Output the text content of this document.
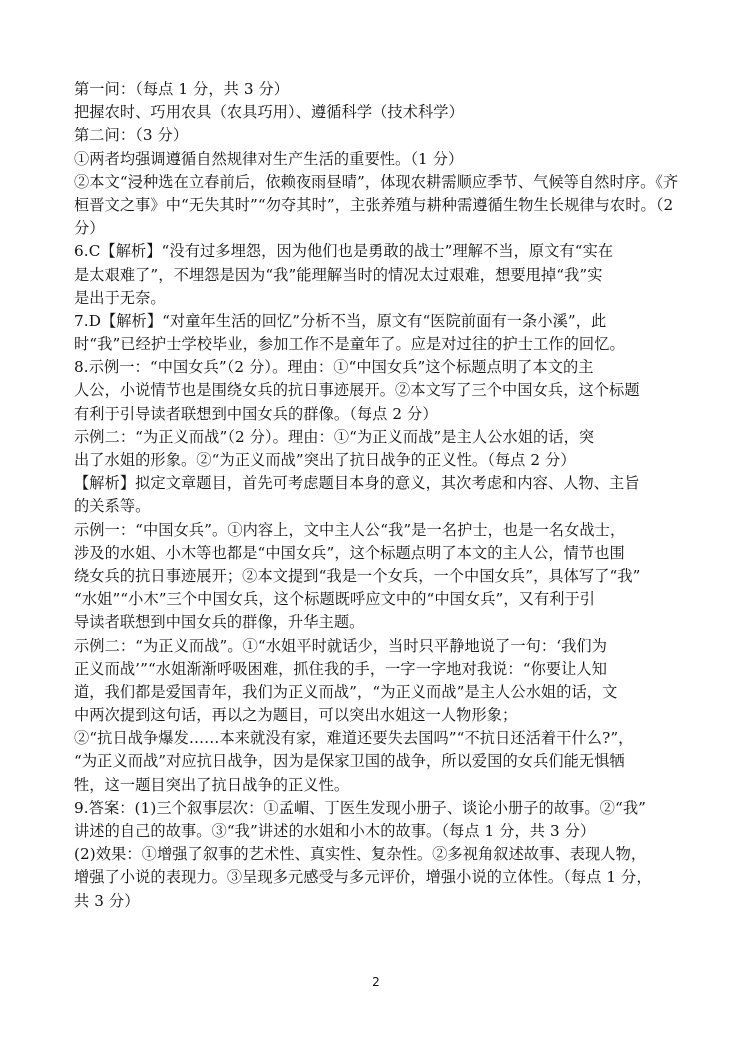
第一问：（每点 1 分，共 3 分）
把握农时、巧用农具（农具巧用）、遵循科学（技术科学）
第二问：（3 分）
①两者均强调遵循自然规律对生产生活的重要性。（1 分）
②本文“浸种选在立春前后，依赖夜雨昼晴”，体现农耕需顺应季节、气候等自然时序。《齐
桓晋文之事》中“无失其时”“勿夺其时”，主张养殖与耕种需遵循生物生长规律与农时。（2
分）
6.C【解析】“没有过多埋怨，因为他们也是勇敢的战士”理解不当，原文有“实在
是太艰难了”，不埋怨是因为“我”能理解当时的情况太过艰难，想要甩掉“我”实
是出于无奈。
7.D【解析】“对童年生活的回忆”分析不当，原文有“医院前面有一条小溪”，此
时“我”已经护士学校毕业，参加工作不是童年了。应是对过往的护士工作的回忆。
8.示例一：“中国女兵”（2 分）。理由：①“中国女兵”这个标题点明了本文的主
人公，小说情节也是围绕女兵的抗日事迹展开。②本文写了三个中国女兵，这个标题
有利于引导读者联想到中国女兵的群像。（每点 2 分）
示例二：“为正义而战”（2 分）。理由：①“为正义而战”是主人公水姐的话，突
出了水姐的形象。②“为正义而战”突出了抗日战争的正义性。（每点 2 分）
【解析】拟定文章题目，首先可考虑题目本身的意义，其次考虑和内容、人物、主旨
的关系等。
示例一：“中国女兵”。①内容上，文中主人公“我”是一名护士，也是一名女战士，
涉及的水姐、小木等也都是“中国女兵”，这个标题点明了本文的主人公，情节也围
绕女兵的抗日事迹展开；②本文提到“我是一个女兵，一个中国女兵”，具体写了“我”
“水姐”“小木”三个中国女兵，这个标题既呼应文中的“中国女兵”，又有利于引
导读者联想到中国女兵的群像，升华主题。
示例二：“为正义而战”。①“水姐平时就话少，当时只平静地说了一句：‘我们为
正义而战’”“水姐渐渐呼吸困难，抓住我的手，一字一字地对我说：“你要让人知
道，我们都是爱国青年，我们为正义而战”，“为正义而战”是主人公水姐的话，文
中两次提到这句话，再以之为题目，可以突出水姐这一人物形象；
②“抗日战争爆发……本来就没有家，难道还要失去国吗”“不抗日还活着干什么?”，
“为正义而战”对应抗日战争，因为是保家卫国的战争，所以爱国的女兵们能无惧牺
牲，这一题目突出了抗日战争的正义性。
9.答案：(1)三个叙事层次：①孟嵋、丁医生发现小册子、谈论小册子的故事。②“我”
讲述的自己的故事。③“我”讲述的水姐和小木的故事。（每点 1 分，共 3 分）
(2)效果：①增强了叙事的艺术性、真实性、复杂性。②多视角叙述故事、表现人物，
增强了小说的表现力。③呈现多元感受与多元评价，增强小说的立体性。（每点 1 分，
共 3 分）
2
